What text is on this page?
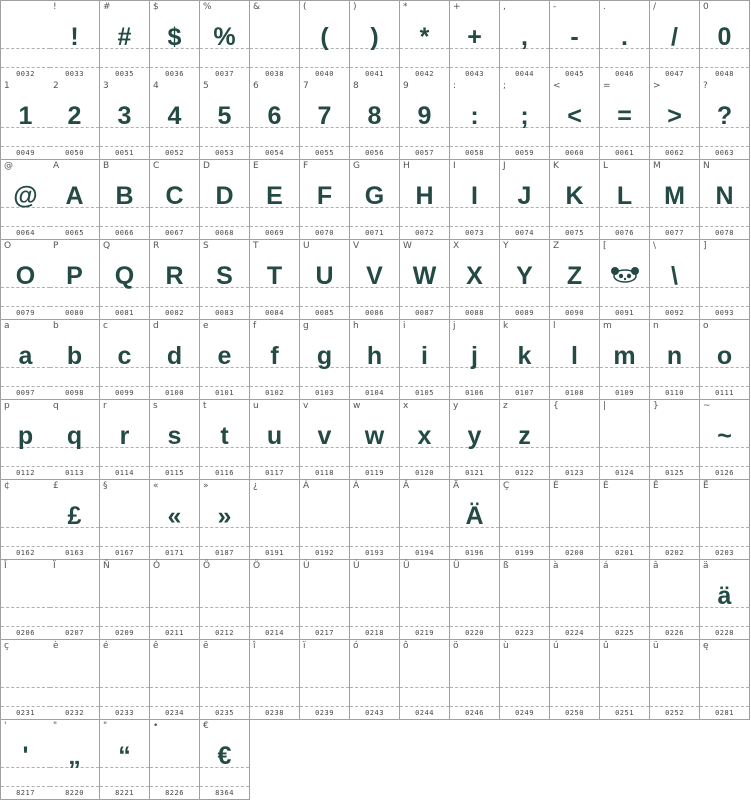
0032
!
!
0033
#
#
0035
$
$
0036
%
%
0037
&
0038
(
(
0040
)
)
0041
*
*
0042
+
+
0043
,
,
0044
-
-
0045
.
.
0046
/
/
0047
0
0
0048
1
1
0049
2
2
0050
3
3
0051
4
4
0052
5
5
0053
6
6
0054
7
7
0055
8
8
0056
9
9
0057
:
:
0058
;
;
0059
<
<
0060
=
=
0061
>
>
0062
?
?
0063
@
@
0064
A
A
0065
B
B
0066
C
C
0067
D
D
0068
E
E
0069
F
F
0070
G
G
0071
H
H
0072
I
I
0073
J
J
0074
K
K
0075
L
L
0076
M
M
0077
N
N
0078
O
O
0079
P
P
0080
Q
Q
0081
R
R
0082
S
S
0083
T
T
0084
U
U
0085
V
V
0086
W
W
0087
X
X
0088
Y
Y
0089
Z
Z
0090
[
0091
\
\
0092
]
0093
a
a
0097
b
b
0098
c
c
0099
d
d
0100
e
e
0101
f
f
0102
g
g
0103
h
h
0104
i
i
0105
j
j
0106
k
k
0107
l
l
0108
m
m
0109
n
n
0110
o
o
0111
p
p
0112
q
q
0113
r
r
0114
s
s
0115
t
t
0116
u
u
0117
v
v
0118
w
w
0119
x
x
0120
y
y
0121
z
z
0122
{
0123
|
0124
}
0125
~
~
0126
¢
0162
£
£
0163
§
0167
«
«
0171
»
»
0187
¿
0191
À
0192
Á
0193
Â
0194
Ä
Ä
0196
Ç
0199
È
0200
É
0201
Ê
0202
Ë
0203
Î
0206
Ï
0207
Ñ
0209
Ó
0211
Ô
0212
Ö
0214
Ù
0217
Ú
0218
Û
0219
Ü
0220
ß
0223
à
0224
á
0225
â
0226
ä
ä
0228
ç
0231
è
0232
é
0233
ê
0234
ë
0235
î
0238
ï
0239
ó
0243
ô
0244
ö
0246
ù
0249
ú
0250
û
0251
ü
0252
ę
0281
'
'
8217
"
„
8220
"
“
8221
•
8226
€
€
8364
